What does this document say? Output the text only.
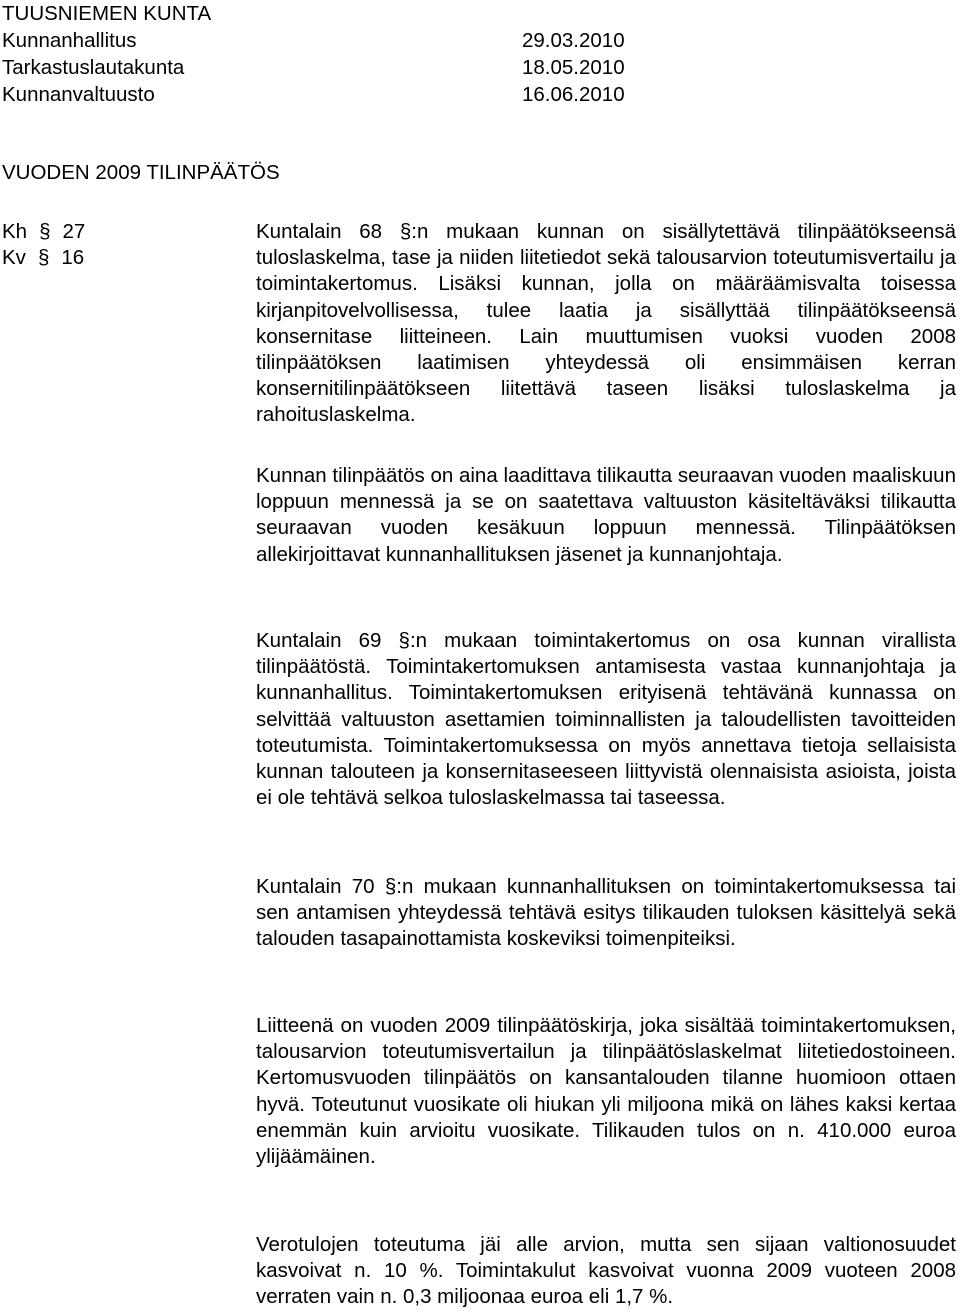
TUUSNIEMEN KUNTA
Kunnanhallitus	29.03.2010
Tarkastuslautakunta	18.05.2010
Kunnanvaltuusto	16.06.2010
VUODEN 2009 TILINPÄÄTÖS
Kh § 27
Kv § 16

Kuntalain 68 §:n mukaan kunnan on sisällytettävä tilinpäätökseensä tuloslaskelma, tase ja niiden liitetiedot sekä talousarvion toteutumisvertailu ja toimintakertomus. Lisäksi kunnan, jolla on määräämisvalta toisessa kirjanpitovelvollisessa, tulee laatia ja sisällyttää tilinpäätökseensä konsernitase liitteineen. Lain muuttumisen vuoksi vuoden 2008 tilinpäätöksen laatimisen yhteydessä oli ensimmäisen kerran konsernitilinpäätökseen liitettävä taseen lisäksi tuloslaskelma ja rahoituslaskelma.

Kunnan tilinpäätös on aina laadittava tilikautta seuraavan vuoden maaliskuun loppuun mennessä ja se on saatettava valtuuston käsiteltäväksi tilikautta seuraavan vuoden kesäkuun loppuun mennessä. Tilinpäätöksen allekirjoittavat kunnanhallituksen jäsenet ja kunnanjohtaja.

Kuntalain 69 §:n mukaan toimintakertomus on osa kunnan virallista tilinpäätöstä. Toimintakertomuksen antamisesta vastaa kunnanjohtaja ja kunnanhallitus. Toimintakertomuksen erityisenä tehtävänä kunnassa on selvittää valtuuston asettamien toiminnallisten ja taloudellisten tavoitteiden toteutumista. Toimintakertomuksessa on myös annettava tietoja sellaisista kunnan talouteen ja konsernitaseeseen liittyvistä olennaisista asioista, joista ei ole tehtävä selkoa tuloslaskelmassa tai taseessa.

Kuntalain 70 §:n mukaan kunnanhallituksen on toimintakertomuksessa tai sen antamisen yhteydessä tehtävä esitys tilikauden tuloksen käsittelyä sekä talouden tasapainottamista koskeviksi toimenpiteiksi.

Liitteenä on vuoden 2009 tilinpäätöskirja, joka sisältää toimintakertomuksen, talousarvion toteutumisvertailun ja tilinpäätöslaskelmat liitetiedostoineen. Kertomusvuoden tilinpäätös on kansantalouden tilanne huomioon ottaen hyvä. Toteutunut vuosikate oli hiukan yli miljoona mikä on lähes kaksi kertaa enemmän kuin arvioitu vuosikate. Tilikauden tulos on n. 410.000 euroa ylijäämäinen.

Verotulojen toteutuma jäi alle arvion, mutta sen sijaan valtionosuudet kasvoivat n. 10 %. Toimintakulut kasvoivat vuonna 2009 vuoteen 2008 verraten vain n. 0,3 miljoonaa euroa eli 1,7 %.
